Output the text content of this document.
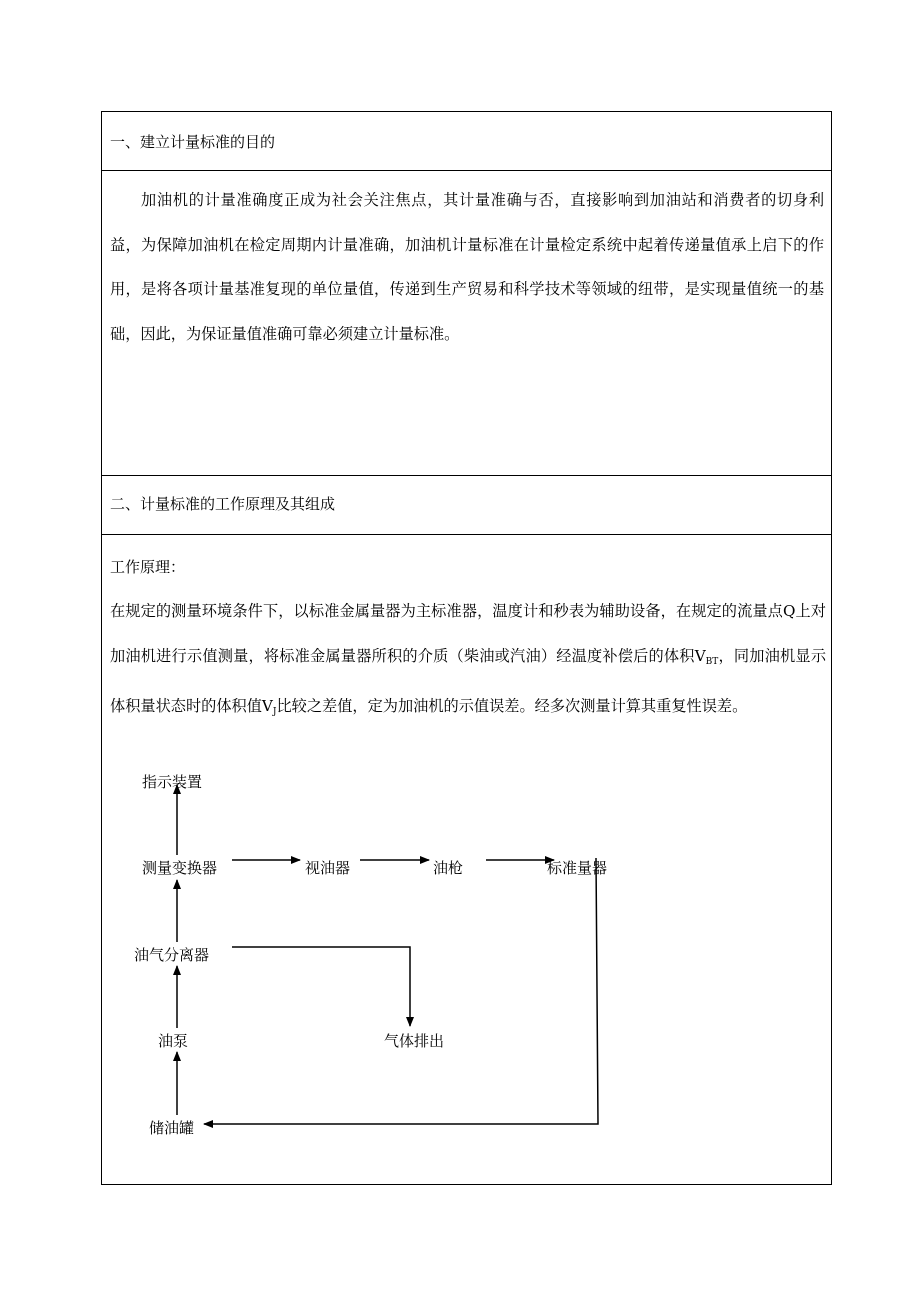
一、建立计量标准的目的
加油机的计量准确度正成为社会关注焦点，其计量准确与否，直接影响到加油站和消费者的切身利益，为保障加油机在检定周期内计量准确，加油机计量标准在计量检定系统中起着传递量值承上启下的作用，是将各项计量基准复现的单位量值，传递到生产贸易和科学技术等领域的纽带，是实现量值统一的基础，因此，为保证量值准确可靠必须建立计量标准。
二、计量标准的工作原理及其组成
工作原理：
在规定的测量环境条件下，以标准金属量器为主标准器，温度计和秒表为辅助设备，在规定的流量点Q上对加油机进行示值测量，将标准金属量器所积的介质（柴油或汽油）经温度补偿后的体积$V_{BT}$，同加油机显示体积量状态时的体积值$V_J$比较之差值，定为加油机的示值误差。经多次测量计算其重复性误差。
指示装置
测量变换器	视油器	油枪	标准量器
油气分离器
气体排出
油泵
储油罐
